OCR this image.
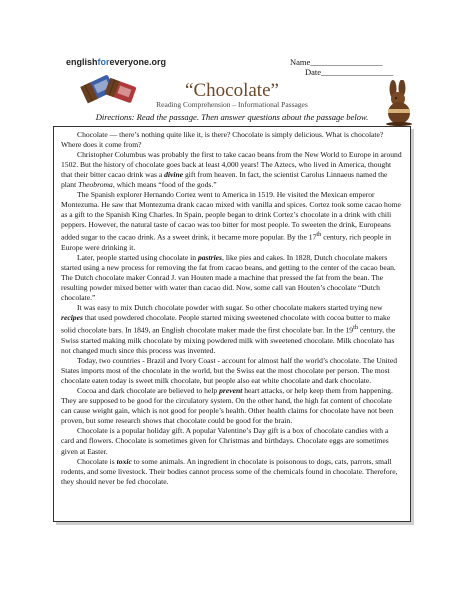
englishforeveryone.org	Name_________________
Date_________________
“Chocolate”
Reading Comprehension – Informational Passages
Directions: Read the passage. Then answer questions about the passage below.

Chocolate — there’s nothing quite like it, is there? Chocolate is simply delicious. What is chocolate? Where does it come from?

Christopher Columbus was probably the first to take cacao beans from the New World to Europe in around 1502. But the history of chocolate goes back at least 4,000 years! The Aztecs, who lived in America, thought that their bitter cacao drink was a divine gift from heaven. In fact, the scientist Carolus Linnaeus named the plant Theobroma, which means “food of the gods.”

The Spanish explorer Hernando Cortez went to America in 1519. He visited the Mexican emperor Montezuma. He saw that Montezuma drank cacao mixed with vanilla and spices. Cortez took some cacao home as a gift to the Spanish King Charles. In Spain, people began to drink Cortez’s chocolate in a drink with chili peppers. However, the natural taste of cacao was too bitter for most people. To sweeten the drink, Europeans added sugar to the cacao drink. As a sweet drink, it became more popular. By the 17th century, rich people in Europe were drinking it.

Later, people started using chocolate in pastries, like pies and cakes. In 1828, Dutch chocolate makers started using a new process for removing the fat from cacao beans, and getting to the center of the cacao bean. The Dutch chocolate maker Conrad J. van Houten made a machine that pressed the fat from the bean. The resulting powder mixed better with water than cacao did. Now, some call van Houten’s chocolate “Dutch chocolate.”

It was easy to mix Dutch chocolate powder with sugar. So other chocolate makers started trying new recipes that used powdered chocolate. People started mixing sweetened chocolate with cocoa butter to make solid chocolate bars. In 1849, an English chocolate maker made the first chocolate bar. In the 19th century, the Swiss started making milk chocolate by mixing powdered milk with sweetened chocolate. Milk chocolate has not changed much since this process was invented.

Today, two countries - Brazil and Ivory Coast - account for almost half the world’s chocolate. The United States imports most of the chocolate in the world, but the Swiss eat the most chocolate per person. The most chocolate eaten today is sweet milk chocolate, but people also eat white chocolate and dark chocolate.

Cocoa and dark chocolate are believed to help prevent heart attacks, or help keep them from happening. They are supposed to be good for the circulatory system. On the other hand, the high fat content of chocolate can cause weight gain, which is not good for people’s health. Other health claims for chocolate have not been proven, but some research shows that chocolate could be good for the brain.

Chocolate is a popular holiday gift. A popular Valentine’s Day gift is a box of chocolate candies with a card and flowers. Chocolate is sometimes given for Christmas and birthdays. Chocolate eggs are sometimes given at Easter.

Chocolate is toxic to some animals. An ingredient in chocolate is poisonous to dogs, cats, parrots, small rodents, and some livestock. Their bodies cannot process some of the chemicals found in chocolate. Therefore, they should never be fed chocolate.
